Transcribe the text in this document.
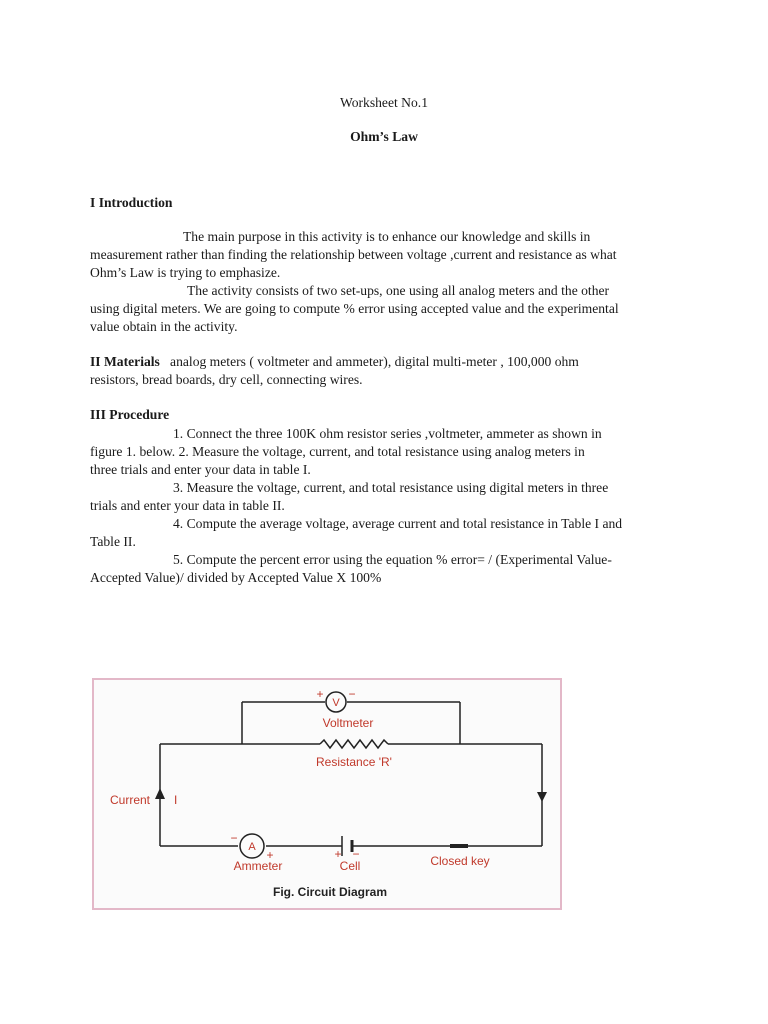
Worksheet No.1
Ohm’s Law
I Introduction
The main purpose in this activity is to enhance our knowledge and skills in
measurement rather than finding the relationship between voltage ,current and resistance as what
Ohm’s Law is trying to emphasize.
The activity consists of two set-ups, one using all analog meters and the other
using digital meters. We are going to compute % error using accepted value and the experimental
value obtain in the activity.
II Materials analog meters ( voltmeter and ammeter), digital multi-meter , 100,000 ohm
resistors, bread boards, dry cell, connecting wires.
III Procedure
1. Connect the three 100K ohm resistor series ,voltmeter, ammeter as shown in
figure 1. below. 2. Measure the voltage, current, and total resistance using analog meters in
three trials and enter your data in table I.
3. Measure the voltage, current, and total resistance using digital meters in three
trials and enter your data in table II.
4. Compute the average voltage, average current and total resistance in Table I and
Table II.
5. Compute the percent error using the equation % error= / (Experimental Value-
Accepted Value)/ divided by Accepted Value X 100%
V
+ −
Voltmeter
Resistance 'R'
Current I
A
−
+
Ammeter
+ −
Cell	Closed key
Fig. Circuit Diagram
